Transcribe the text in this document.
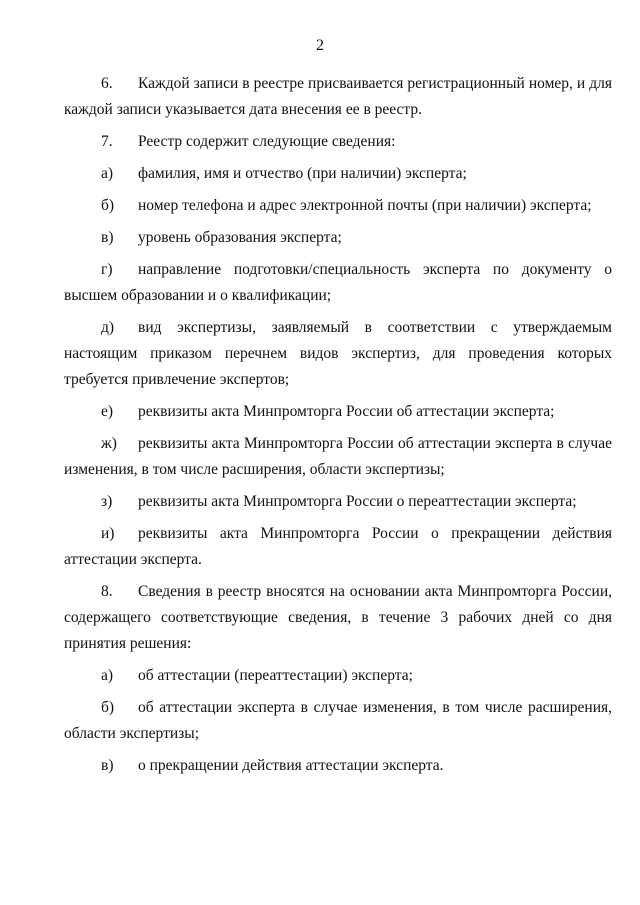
2

6. Каждой записи в реестре присваивается регистрационный номер, и для каждой записи указывается дата внесения ее в реестр.

7. Реестр содержит следующие сведения:

а) фамилия, имя и отчество (при наличии) эксперта;

б) номер телефона и адрес электронной почты (при наличии) эксперта;

в) уровень образования эксперта;

г) направление подготовки/специальность эксперта по документу о высшем образовании и о квалификации;

д) вид экспертизы, заявляемый в соответствии с утверждаемым настоящим приказом перечнем видов экспертиз, для проведения которых требуется привлечение экспертов;

е) реквизиты акта Минпромторга России об аттестации эксперта;

ж) реквизиты акта Минпромторга России об аттестации эксперта в случае изменения, в том числе расширения, области экспертизы;

з) реквизиты акта Минпромторга России о переаттестации эксперта;

и) реквизиты акта Минпромторга России о прекращении действия аттестации эксперта.

8. Сведения в реестр вносятся на основании акта Минпромторга России, содержащего соответствующие сведения, в течение 3 рабочих дней со дня принятия решения:

а) об аттестации (переаттестации) эксперта;

б) об аттестации эксперта в случае изменения, в том числе расширения, области экспертизы;

в) о прекращении действия аттестации эксперта.
